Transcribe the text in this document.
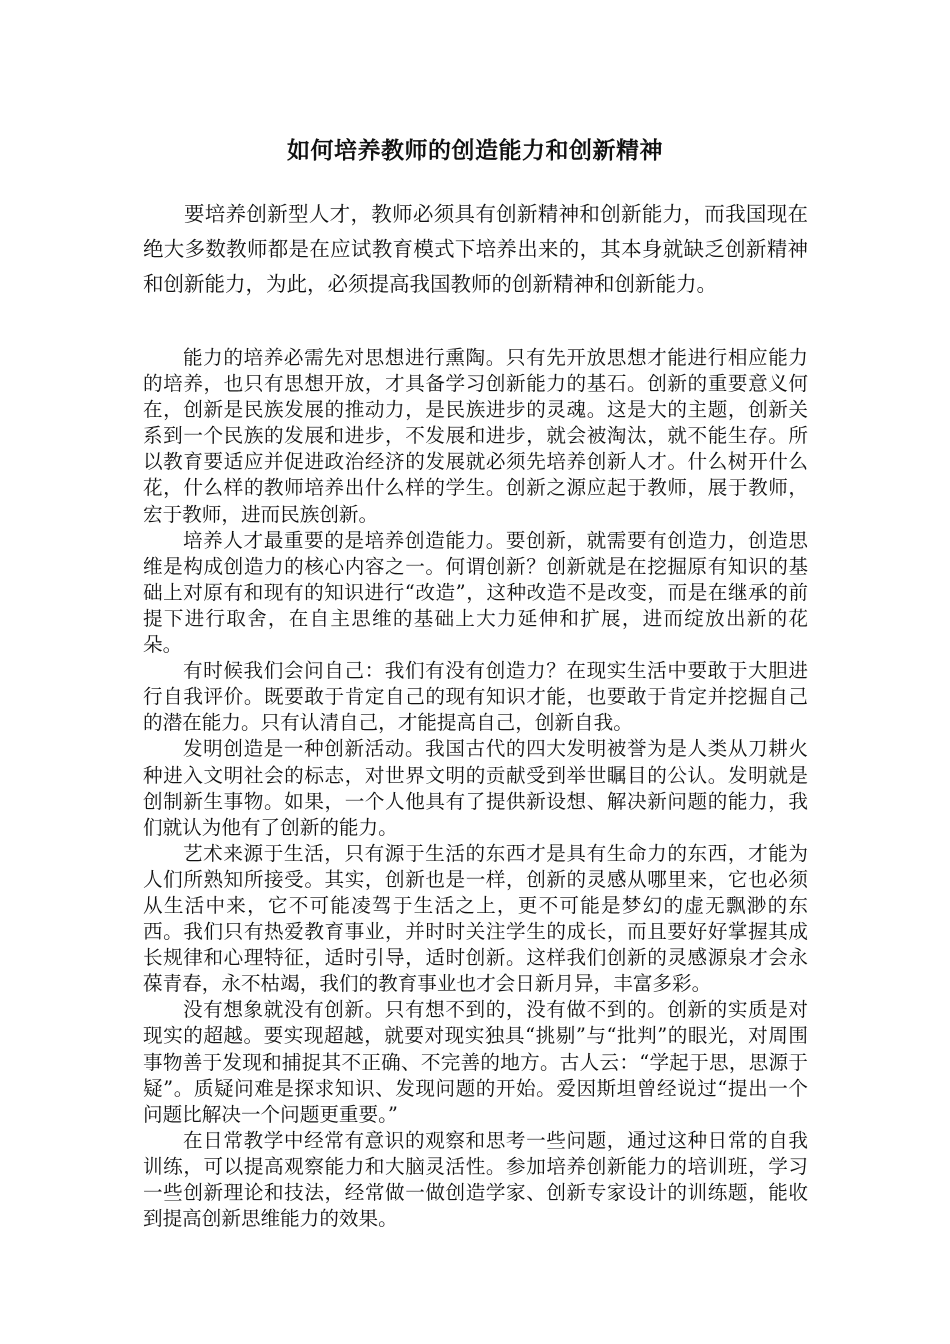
如何培养教师的创造能力和创新精神

要培养创新型人才，教师必须具有创新精神和创新能力，而我国现在绝大多数教师都是在应试教育模式下培养出来的，其本身就缺乏创新精神和创新能力，为此，必须提高我国教师的创新精神和创新能力。

能力的培养必需先对思想进行熏陶。只有先开放思想才能进行相应能力的培养，也只有思想开放，才具备学习创新能力的基石。创新的重要意义何在，创新是民族发展的推动力，是民族进步的灵魂。这是大的主题，创新关系到一个民族的发展和进步，不发展和进步，就会被淘汰，就不能生存。所以教育要适应并促进政治经济的发展就必须先培养创新人才。什么树开什么花，什么样的教师培养出什么样的学生。创新之源应起于教师，展于教师，宏于教师，进而民族创新。

培养人才最重要的是培养创造能力。要创新，就需要有创造力，创造思维是构成创造力的核心内容之一。何谓创新？创新就是在挖掘原有知识的基础上对原有和现有的知识进行“改造”，这种改造不是改变，而是在继承的前提下进行取舍，在自主思维的基础上大力延伸和扩展，进而绽放出新的花朵。

有时候我们会问自己：我们有没有创造力？在现实生活中要敢于大胆进行自我评价。既要敢于肯定自己的现有知识才能，也要敢于肯定并挖掘自己的潜在能力。只有认清自己，才能提高自己，创新自我。

发明创造是一种创新活动。我国古代的四大发明被誉为是人类从刀耕火种进入文明社会的标志，对世界文明的贡献受到举世瞩目的公认。发明就是创制新生事物。如果，一个人他具有了提供新设想、解决新问题的能力，我们就认为他有了创新的能力。

艺术来源于生活，只有源于生活的东西才是具有生命力的东西，才能为人们所熟知所接受。其实，创新也是一样，创新的灵感从哪里来，它也必须从生活中来，它不可能凌驾于生活之上，更不可能是梦幻的虚无飘渺的东西。我们只有热爱教育事业，并时时关注学生的成长，而且要好好掌握其成长规律和心理特征，适时引导，适时创新。这样我们创新的灵感源泉才会永葆青春，永不枯竭，我们的教育事业也才会日新月异，丰富多彩。

没有想象就没有创新。只有想不到的，没有做不到的。创新的实质是对现实的超越。要实现超越，就要对现实独具“挑剔”与“批判”的眼光，对周围事物善于发现和捕捉其不正确、不完善的地方。古人云：“学起于思，思源于疑”。质疑问难是探求知识、发现问题的开始。爱因斯坦曾经说过“提出一个问题比解决一个问题更重要。”

在日常教学中经常有意识的观察和思考一些问题，通过这种日常的自我训练，可以提高观察能力和大脑灵活性。参加培养创新能力的培训班，学习一些创新理论和技法，经常做一做创造学家、创新专家设计的训练题，能收到提高创新思维能力的效果。
